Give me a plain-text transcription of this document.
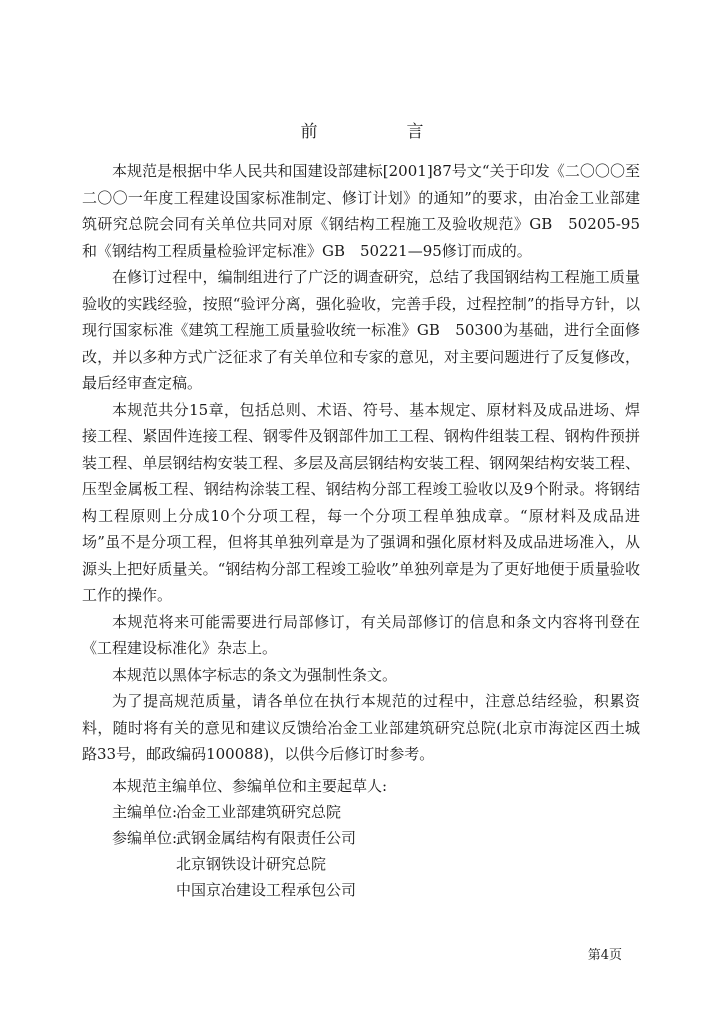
前　言

本规范是根据中华人民共和国建设部建标[2001]87号文“关于印发《二〇〇〇至二〇〇一年度工程建设国家标准制定、修订计划》的通知”的要求，由冶金工业部建筑研究总院会同有关单位共同对原《钢结构工程施工及验收规范》GB　50205-95和《钢结构工程质量检验评定标准》GB　50221—95修订而成的。

在修订过程中，编制组进行了广泛的调查研究，总结了我国钢结构工程施工质量验收的实践经验，按照“验评分离，强化验收，完善手段，过程控制”的指导方针，以现行国家标准《建筑工程施工质量验收统一标准》GB　50300为基础，进行全面修改，并以多种方式广泛征求了有关单位和专家的意见，对主要问题进行了反复修改，最后经审查定稿。

本规范共分15章，包括总则、术语、符号、基本规定、原材料及成品进场、焊接工程、紧固件连接工程、钢零件及钢部件加工工程、钢构件组装工程、钢构件预拼装工程、单层钢结构安装工程、多层及高层钢结构安装工程、钢网架结构安装工程、压型金属板工程、钢结构涂装工程、钢结构分部工程竣工验收以及9个附录。将钢结构工程原则上分成10个分项工程，每一个分项工程单独成章。“原材料及成品进场”虽不是分项工程，但将其单独列章是为了强调和强化原材料及成品进场准入，从源头上把好质量关。“钢结构分部工程竣工验收”单独列章是为了更好地便于质量验收工作的操作。

本规范将来可能需要进行局部修订，有关局部修订的信息和条文内容将刊登在《工程建设标准化》杂志上。

本规范以黑体字标志的条文为强制性条文。

为了提高规范质量，请各单位在执行本规范的过程中，注意总结经验，积累资料，随时将有关的意见和建议反馈给冶金工业部建筑研究总院(北京市海淀区西土城路33号，邮政编码100088)，以供今后修订时参考。

本规范主编单位、参编单位和主要起草人:
主编单位:冶金工业部建筑研究总院
参编单位:武钢金属结构有限责任公司
北京钢铁设计研究总院
中国京冶建设工程承包公司
第4页
